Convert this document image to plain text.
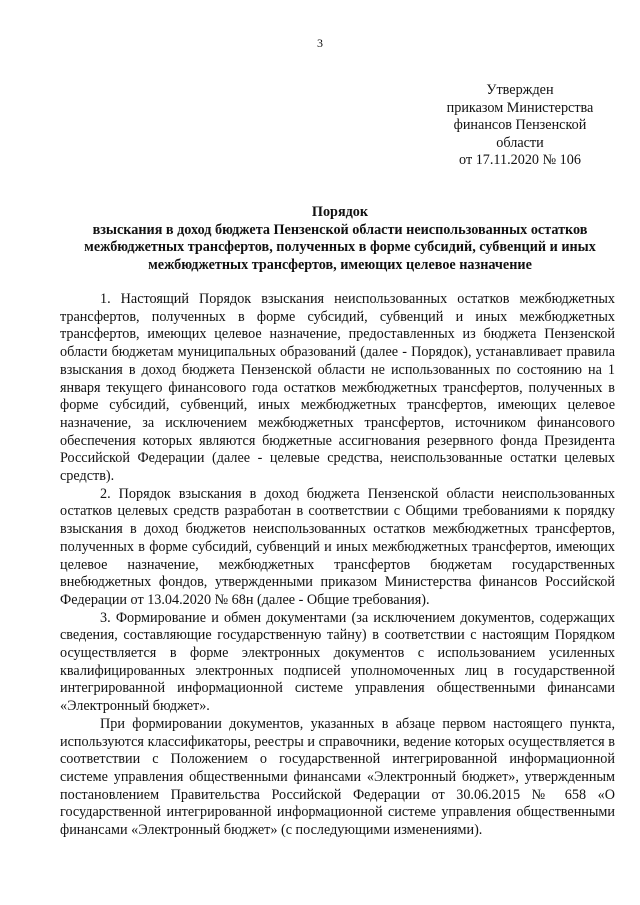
3
Утвержден
приказом Министерства
финансов Пензенской
области
от 17.11.2020 № 106
Порядок
взыскания в доход бюджета Пензенской области неиспользованных остатков
межбюджетных трансфертов, полученных в форме субсидий, субвенций и иных
межбюджетных трансфертов, имеющих целевое назначение

1. Настоящий Порядок взыскания неиспользованных остатков межбюджетных трансфертов, полученных в форме субсидий, субвенций и иных межбюджетных трансфертов, имеющих целевое назначение, предоставленных из бюджета Пензенской области бюджетам муниципальных образований (далее - Порядок), устанавливает правила взыскания в доход бюджета Пензенской области не использованных по состоянию на 1 января текущего финансового года остатков межбюджетных трансфертов, полученных в форме субсидий, субвенций, иных межбюджетных трансфертов, имеющих целевое назначение, за исключением межбюджетных трансфертов, источником финансового обеспечения которых являются бюджетные ассигнования резервного фонда Президента Российской Федерации (далее - целевые средства, неиспользованные остатки целевых средств).

2. Порядок взыскания в доход бюджета Пензенской области неиспользованных остатков целевых средств разработан в соответствии с Общими требованиями к порядку взыскания в доход бюджетов неиспользованных остатков межбюджетных трансфертов, полученных в форме субсидий, субвенций и иных межбюджетных трансфертов, имеющих целевое назначение, межбюджетных трансфертов бюджетам государственных внебюджетных фондов, утвержденными приказом Министерства финансов Российской Федерации от 13.04.2020 № 68н (далее - Общие требования).

3. Формирование и обмен документами (за исключением документов, содержащих сведения, составляющие государственную тайну) в соответствии с настоящим Порядком осуществляется в форме электронных документов с использованием усиленных квалифицированных электронных подписей уполномоченных лиц в государственной интегрированной информационной системе управления общественными финансами «Электронный бюджет».

При формировании документов, указанных в абзаце первом настоящего пункта, используются классификаторы, реестры и справочники, ведение которых осуществляется в соответствии с Положением о государственной интегрированной информационной системе управления общественными финансами «Электронный бюджет», утвержденным постановлением Правительства Российской Федерации от 30.06.2015 № 658 «О государственной интегрированной информационной системе управления общественными финансами «Электронный бюджет» (с последующими изменениями).
